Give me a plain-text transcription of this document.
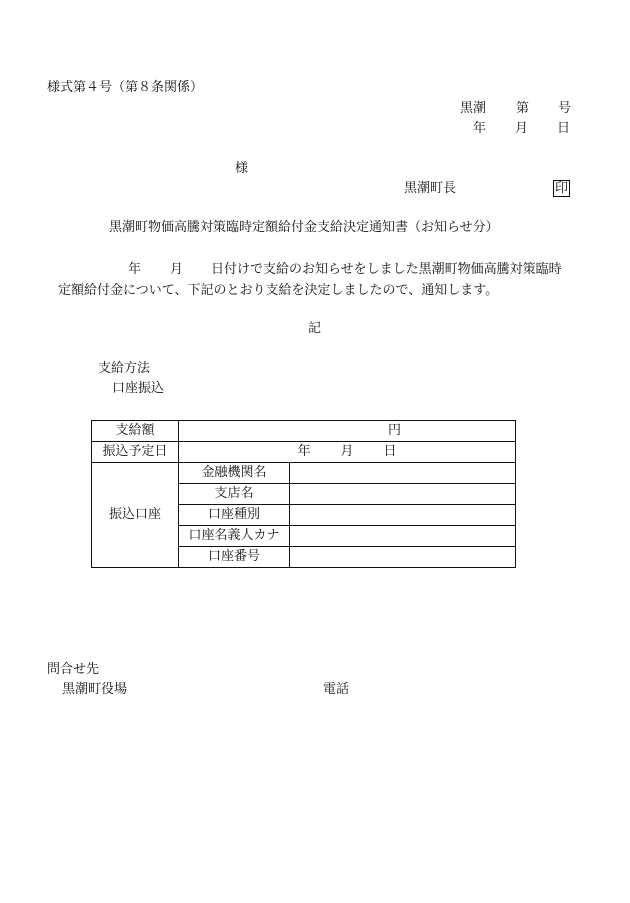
様式第４号（第８条関係）
黒潮 第 号
年 月 日
様
黒潮町長	印
黒潮町物価高騰対策臨時定額給付金支給決定通知書（お知らせ分）
年 月 日付けで支給のお知らせをしました黒潮町物価高騰対策臨時
定額給付金について、下記のとおり支給を決定しましたので、通知します。
記
支給方法
口座振込
支給額	円	
振込予定日	年 月 日	
振込口座	金融機関名	
	支店名	
	口座種別	
	口座名義人カナ	
	口座番号	
問合せ先
黒潮町役場	電話
